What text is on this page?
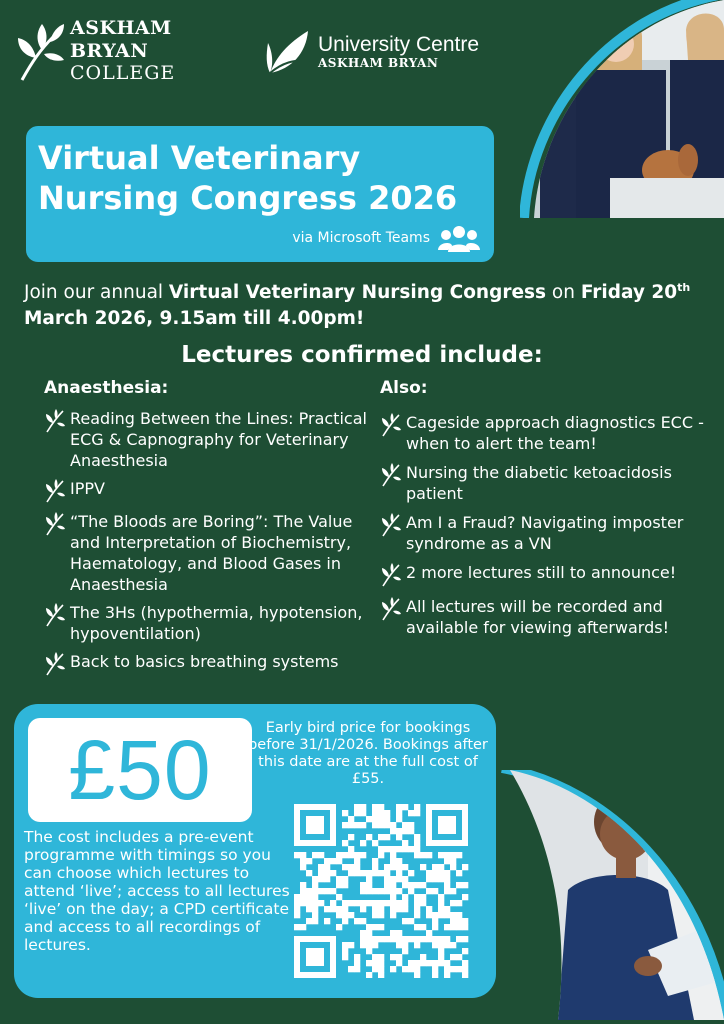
ASKHAM BRYAN
COLLEGE
University Centre
ASKHAM BRYAN
Virtual Veterinary
Nursing Congress 2026
via Microsoft Teams

Join our annual Virtual Veterinary Nursing Congress on Friday 20th March 2026, 9.15am till 4.00pm!

Lectures confirmed include:
Anaesthesia:
Reading Between the Lines: Practical ECG & Capnography for Veterinary Anaesthesia
IPPV
“The Bloods are Boring”: The Value and Interpretation of Biochemistry, Haematology, and Blood Gases in Anaesthesia
The 3Hs (hypothermia, hypotension, hypoventilation)
Back to basics breathing systems
Also:
Cageside approach diagnostics ECC - when to alert the team!
Nursing the diabetic ketoacidosis patient
Am I a Fraud? Navigating imposter syndrome as a VN
2 more lectures still to announce!
All lectures will be recorded and available for viewing afterwards!
£50	Early bird price for bookings before 31/1/2026. Bookings after this date are at the full cost of £55.
The cost includes a pre-event programme with timings so you can choose which lectures to attend ‘live’; access to all lectures ‘live’ on the day; a CPD certificate and access to all recordings of lectures.
